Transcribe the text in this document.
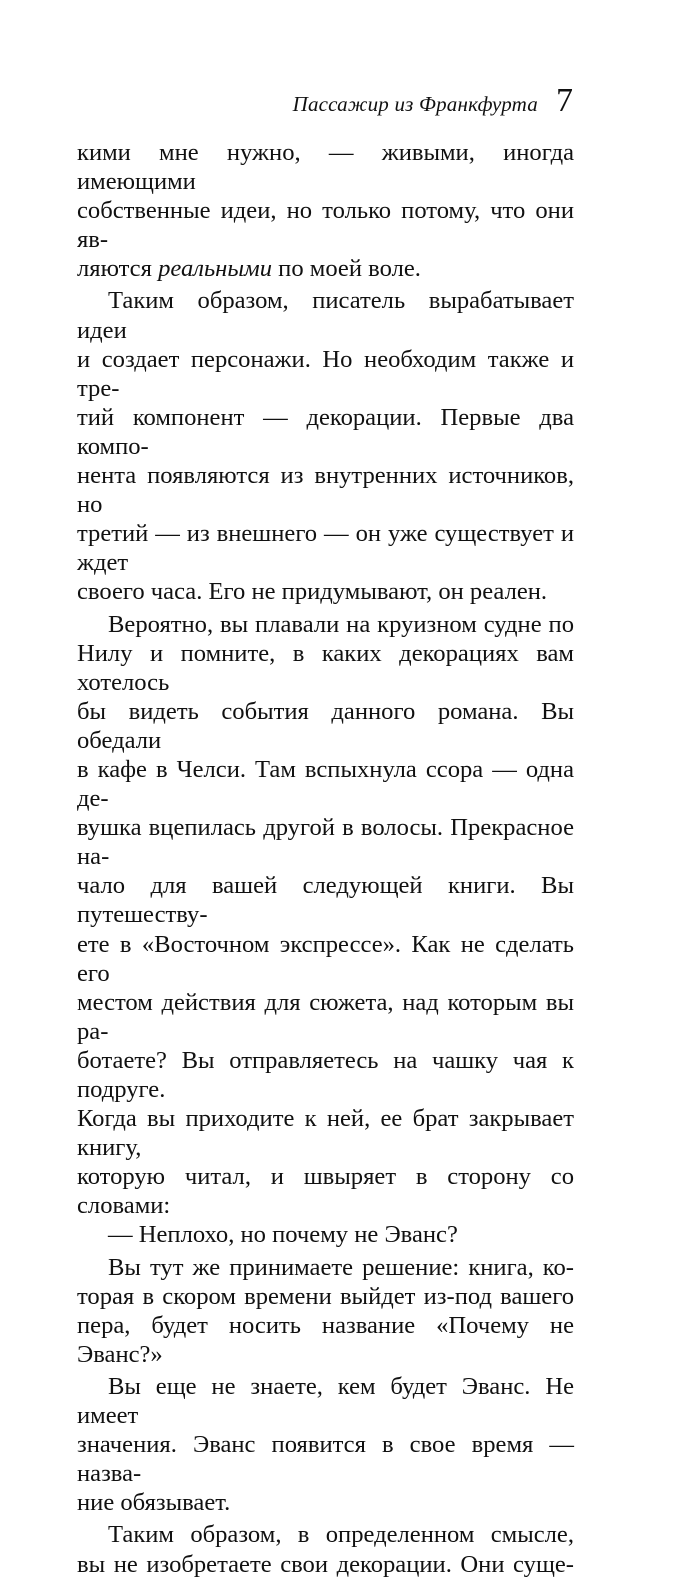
Пассажир из Франкфурта 7

кими мне нужно, — живыми, иногда имеющими

собственные идеи, но только потому, что они яв-

ляются реальными по моей воле.

Таким образом, писатель вырабатывает идеи

и создает персонажи. Но необходим также и тре-

тий компонент — декорации. Первые два компо-

нента появляются из внутренних источников, но

третий — из внешнего — он уже существует и ждет

своего часа. Его не придумывают, он реален.

Вероятно, вы плавали на круизном судне по

Нилу и помните, в каких декорациях вам хотелось

бы видеть события данного романа. Вы обедали

в кафе в Челси. Там вспыхнула ссора — одна де-

вушка вцепилась другой в волосы. Прекрасное на-

чало для вашей следующей книги. Вы путешеству-

ете в «Восточном экспрессе». Как не сделать его

местом действия для сюжета, над которым вы ра-

ботаете? Вы отправляетесь на чашку чая к подруге.

Когда вы приходите к ней, ее брат закрывает книгу,

которую читал, и швыряет в сторону со словами:

— Неплохо, но почему не Эванс?

Вы тут же принимаете решение: книга, ко-

торая в скором времени выйдет из-под вашего

пера, будет носить название «Почему не Эванс?»

Вы еще не знаете, кем будет Эванс. Не имеет

значения. Эванс появится в свое время — назва-

ние обязывает.

Таким образом, в определенном смысле,

вы не изобретаете свои декорации. Они суще-
